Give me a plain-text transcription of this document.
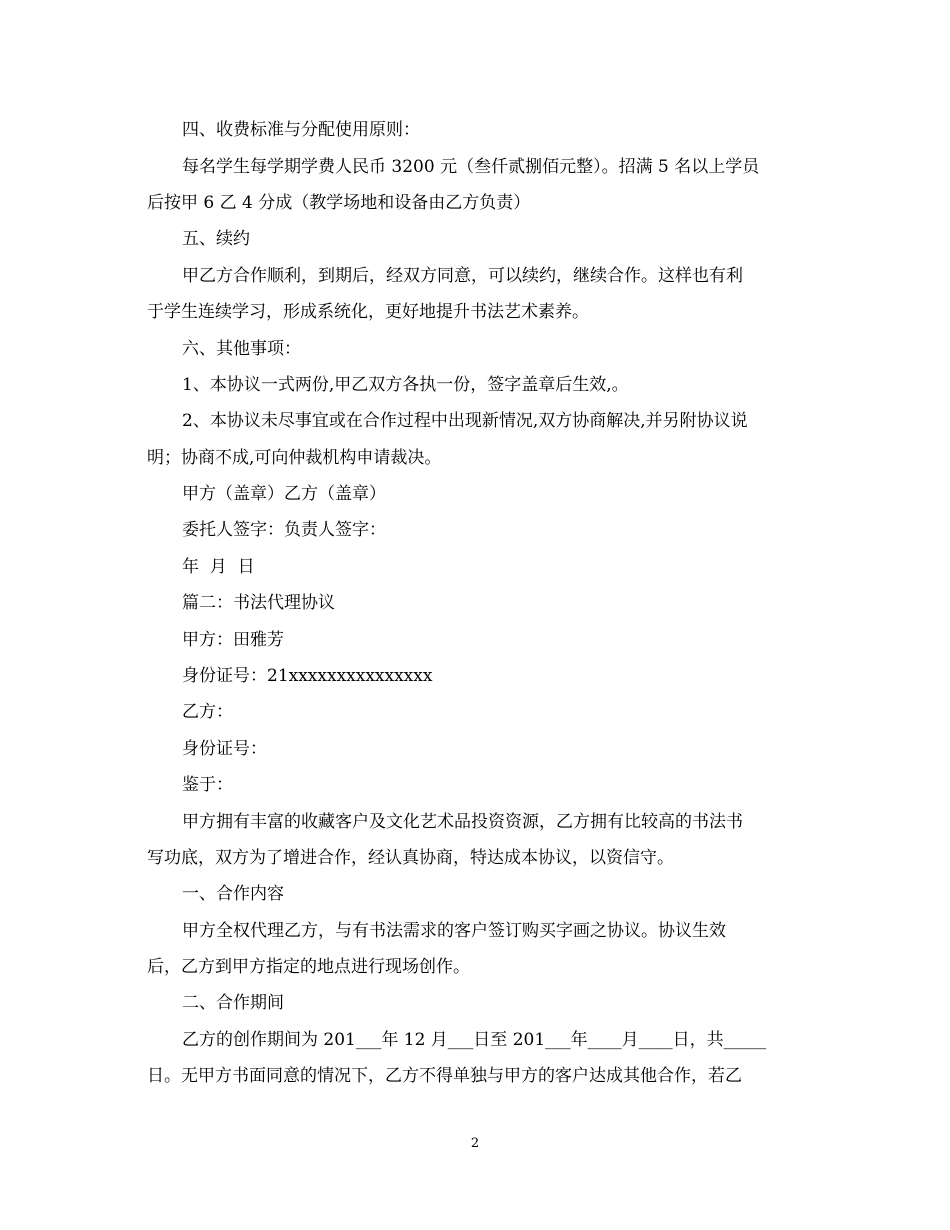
四、收费标准与分配使用原则：
每名学生每学期学费人民币 3200 元（叁仟贰捌佰元整）。招满 5 名以上学员
后按甲 6 乙 4 分成（教学场地和设备由乙方负责）
五、续约
甲乙方合作顺利，到期后，经双方同意，可以续约，继续合作。这样也有利
于学生连续学习，形成系统化，更好地提升书法艺术素养。
六、其他事项：
1、本协议一式两份,甲乙双方各执一份，签字盖章后生效,。
2、本协议未尽事宜或在合作过程中出现新情况,双方协商解决,并另附协议说
明；协商不成,可向仲裁机构申请裁决。
甲方（盖章）乙方（盖章）
委托人签字：负责人签字：
年  月  日
篇二：书法代理协议
甲方：田雅芳
身份证号：21xxxxxxxxxxxxxxx
乙方：
身份证号：
鉴于：
甲方拥有丰富的收藏客户及文化艺术品投资资源，乙方拥有比较高的书法书
写功底，双方为了增进合作，经认真协商，特达成本协议，以资信守。
一、合作内容
甲方全权代理乙方，与有书法需求的客户签订购买字画之协议。协议生效
后，乙方到甲方指定的地点进行现场创作。
二、合作期间
乙方的创作期间为 201___年 12 月___日至 201___年____月____日，共_____
日。无甲方书面同意的情况下，乙方不得单独与甲方的客户达成其他合作，若乙
2
